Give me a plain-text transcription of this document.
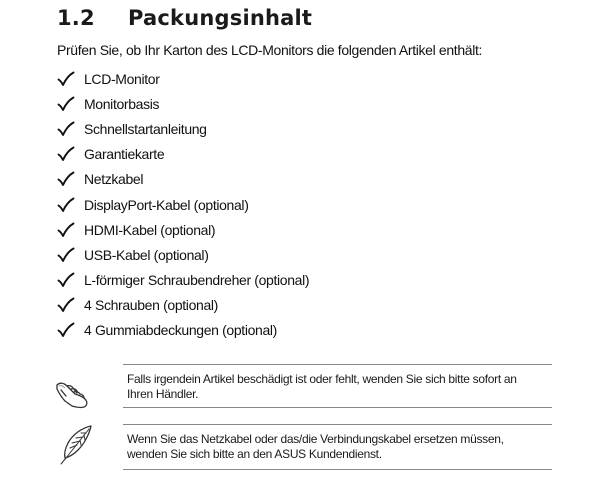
1.2	Packungsinhalt
Prüfen Sie, ob Ihr Karton des LCD-Monitors die folgenden Artikel enthält:
LCD-Monitor
Monitorbasis
Schnellstartanleitung
Garantiekarte
Netzkabel
DisplayPort-Kabel (optional)
HDMI-Kabel (optional)
USB-Kabel (optional)
L-förmiger Schraubendreher (optional)
4 Schrauben (optional)
4 Gummiabdeckungen (optional)
Falls irgendein Artikel beschädigt ist oder fehlt, wenden Sie sich bitte sofort an
Ihren Händler.
Wenn Sie das Netzkabel oder das/die Verbindungskabel ersetzen müssen,
wenden Sie sich bitte an den ASUS Kundendienst.
